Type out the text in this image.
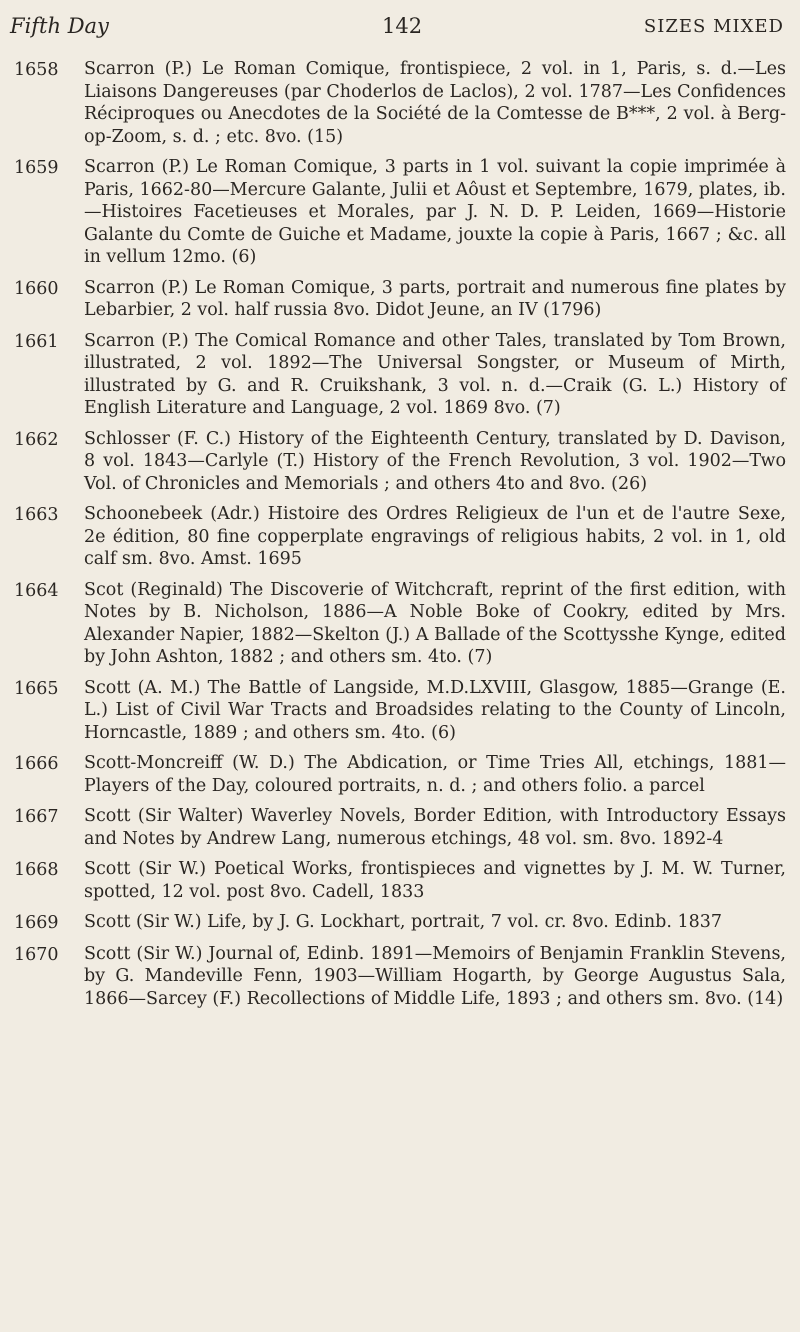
Fifth Day	142	SIZES MIXED
1658	Scarron (P.) Le Roman Comique, frontispiece, 2 vol. in 1, Paris, s. d.—Les Liaisons Dangereuses (par Choderlos de Laclos), 2 vol. 1787—Les Confidences Réciproques ou Anecdotes de la Société de la Comtesse de B***, 2 vol. à Berg-op-Zoom, s. d. ; etc. 8vo. (15)
1659	Scarron (P.) Le Roman Comique, 3 parts in 1 vol. suivant la copie imprimée à Paris, 1662-80—Mercure Galante, Julii et Aôust et Septembre, 1679, plates, ib.—Histoires Facetieuses et Morales, par J. N. D. P. Leiden, 1669—Historie Galante du Comte de Guiche et Madame, jouxte la copie à Paris, 1667 ; &c. all in vellum 12mo. (6)
1660	Scarron (P.) Le Roman Comique, 3 parts, portrait and numerous fine plates by Lebarbier, 2 vol. half russia 8vo. Didot Jeune, an IV (1796)
1661	Scarron (P.) The Comical Romance and other Tales, translated by Tom Brown, illustrated, 2 vol. 1892—The Universal Songster, or Museum of Mirth, illustrated by G. and R. Cruikshank, 3 vol. n. d.—Craik (G. L.) History of English Literature and Language, 2 vol. 1869 8vo. (7)
1662	Schlosser (F. C.) History of the Eighteenth Century, translated by D. Davison, 8 vol. 1843—Carlyle (T.) History of the French Revolution, 3 vol. 1902—Two Vol. of Chronicles and Memorials ; and others 4to and 8vo. (26)
1663	Schoonebeek (Adr.) Histoire des Ordres Religieux de l'un et de l'autre Sexe, 2e édition, 80 fine copperplate engravings of religious habits, 2 vol. in 1, old calf sm. 8vo. Amst. 1695
1664	Scot (Reginald) The Discoverie of Witchcraft, reprint of the first edition, with Notes by B. Nicholson, 1886—A Noble Boke of Cookry, edited by Mrs. Alexander Napier, 1882—Skelton (J.) A Ballade of the Scottysshe Kynge, edited by John Ashton, 1882 ; and others sm. 4to. (7)
1665	Scott (A. M.) The Battle of Langside, M.D.LXVIII, Glasgow, 1885—Grange (E. L.) List of Civil War Tracts and Broadsides relating to the County of Lincoln, Horncastle, 1889 ; and others sm. 4to. (6)
1666	Scott-Moncreiff (W. D.) The Abdication, or Time Tries All, etchings, 1881—Players of the Day, coloured portraits, n. d. ; and others folio. a parcel
1667	Scott (Sir Walter) Waverley Novels, Border Edition, with Introductory Essays and Notes by Andrew Lang, numerous etchings, 48 vol. sm. 8vo. 1892-4
1668	Scott (Sir W.) Poetical Works, frontispieces and vignettes by J. M. W. Turner, spotted, 12 vol. post 8vo. Cadell, 1833
1669	Scott (Sir W.) Life, by J. G. Lockhart, portrait, 7 vol. cr. 8vo. Edinb. 1837
1670	Scott (Sir W.) Journal of, Edinb. 1891—Memoirs of Benjamin Franklin Stevens, by G. Mandeville Fenn, 1903—William Hogarth, by George Augustus Sala, 1866—Sarcey (F.) Recollections of Middle Life, 1893 ; and others sm. 8vo. (14)
